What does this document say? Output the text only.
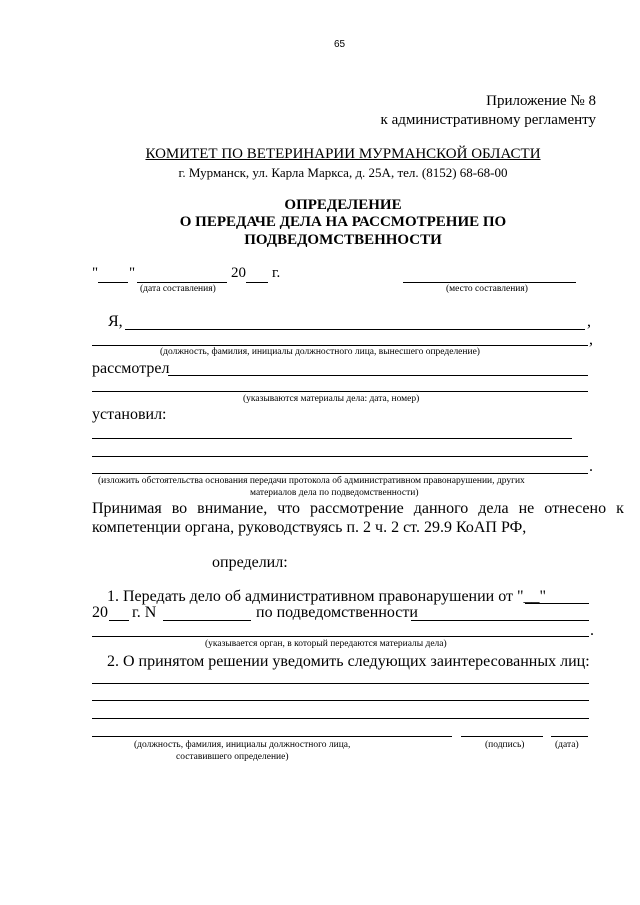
65
Приложение № 8
к административному регламенту
КОМИТЕТ ПО ВЕТЕРИНАРИИ МУРМАНСКОЙ ОБЛАСТИ
г. Мурманск, ул. Карла Маркса, д. 25А, тел. (8152) 68-68-00
ОПРЕДЕЛЕНИЕ
О ПЕРЕДАЧЕ ДЕЛА НА РАССМОТРЕНИЕ ПО
ПОДВЕДОМСТВЕННОСТИ
" "	20 г.
(дата составления)	(место составления)
Я,	,
,
(должность, фамилия, инициалы должностного лица, вынесшего определение)
рассмотрел
(указываются материалы дела: дата, номер)
установил:
.
(изложить обстоятельства основания передачи протокола об административном правонарушении, других
материалов дела по подведомственности)
Принимая во внимание, что рассмотрение данного дела не отнесено к
компетенции органа, руководствуясь п. 2 ч. 2 ст. 29.9 КоАП РФ,
определил:
1. Передать дело об административном правонарушении от "__"
20 г. N	по подведомственности
.
(указывается орган, в который передаются материалы дела)
2. О принятом решении уведомить следующих заинтересованных лиц:
(должность, фамилия, инициалы должностного лица,
составившего определение)
(подпись)	(дата)
